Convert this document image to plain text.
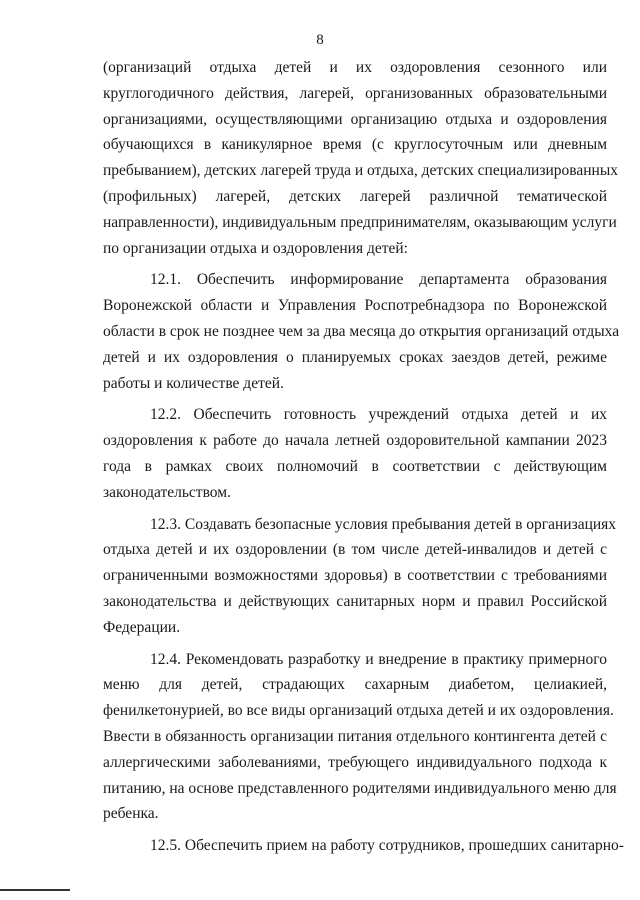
8
(организаций отдыха детей и их оздоровления сезонного или
круглогодичного действия, лагерей, организованных образовательными
организациями, осуществляющими организацию отдыха и оздоровления
обучающихся в каникулярное время (с круглосуточным или дневным
пребыванием), детских лагерей труда и отдыха, детских специализированных
(профильных) лагерей, детских лагерей различной тематической
направленности), индивидуальным предпринимателям, оказывающим услуги
по организации отдыха и оздоровления детей:
12.1. Обеспечить информирование департамента образования
Воронежской области и Управления Роспотребнадзора по Воронежской
области в срок не позднее чем за два месяца до открытия организаций отдыха
детей и их оздоровления о планируемых сроках заездов детей, режиме
работы и количестве детей.
12.2. Обеспечить готовность учреждений отдыха детей и их
оздоровления к работе до начала летней оздоровительной кампании 2023
года в рамках своих полномочий в соответствии с действующим
законодательством.
12.3. Создавать безопасные условия пребывания детей в организациях
отдыха детей и их оздоровлении (в том числе детей-инвалидов и детей с
ограниченными возможностями здоровья) в соответствии с требованиями
законодательства и действующих санитарных норм и правил Российской
Федерации.
12.4. Рекомендовать разработку и внедрение в практику примерного
меню для детей, страдающих сахарным диабетом, целиакией,
фенилкетонурией, во все виды организаций отдыха детей и их оздоровления.
Ввести в обязанность организации питания отдельного контингента детей с
аллергическими заболеваниями, требующего индивидуального подхода к
питанию, на основе представленного родителями индивидуального меню для
ребенка.
12.5. Обеспечить прием на работу сотрудников, прошедших санитарно-
